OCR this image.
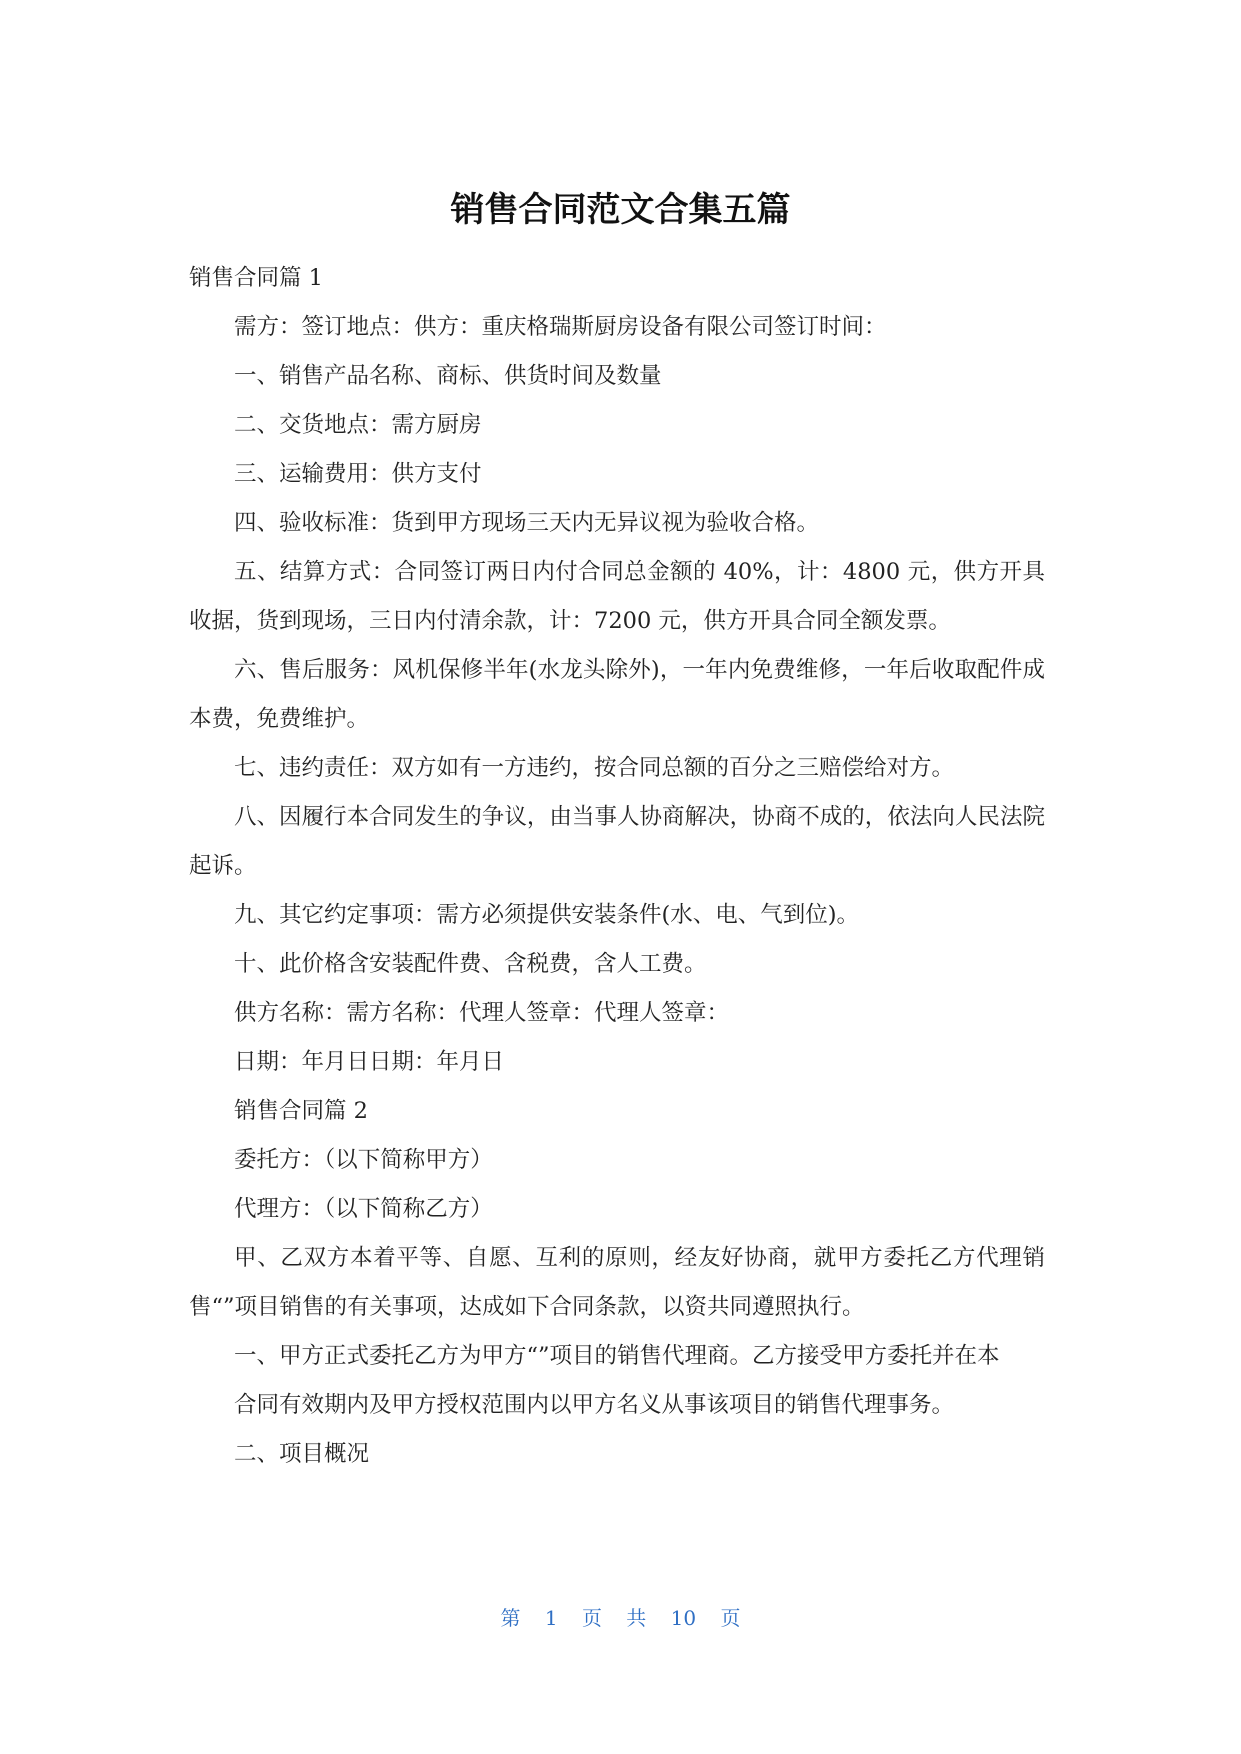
销售合同范文合集五篇

销售合同篇 1

需方：签订地点：供方：重庆格瑞斯厨房设备有限公司签订时间：

一、销售产品名称、商标、供货时间及数量

二、交货地点：需方厨房

三、运输费用：供方支付

四、验收标准：货到甲方现场三天内无异议视为验收合格。

五、结算方式：合同签订两日内付合同总金额的 40%，计：4800 元，供方开具收据，货到现场，三日内付清余款，计：7200 元，供方开具合同全额发票。

六、售后服务：风机保修半年(水龙头除外)，一年内免费维修，一年后收取配件成本费，免费维护。

七、违约责任：双方如有一方违约，按合同总额的百分之三赔偿给对方。

八、因履行本合同发生的争议，由当事人协商解决，协商不成的，依法向人民法院起诉。

九、其它约定事项：需方必须提供安装条件(水、电、气到位)。

十、此价格含安装配件费、含税费，含人工费。

供方名称：需方名称：代理人签章：代理人签章：

日期：年月日日期：年月日

销售合同篇 2

委托方：（以下简称甲方）

代理方：（以下简称乙方）

甲、乙双方本着平等、自愿、互利的原则，经友好协商，就甲方委托乙方代理销售“”项目销售的有关事项，达成如下合同条款，以资共同遵照执行。

一、甲方正式委托乙方为甲方“”项目的销售代理商。乙方接受甲方委托并在本

合同有效期内及甲方授权范围内以甲方名义从事该项目的销售代理事务。

二、项目概况

第 1 页 共 10 页
